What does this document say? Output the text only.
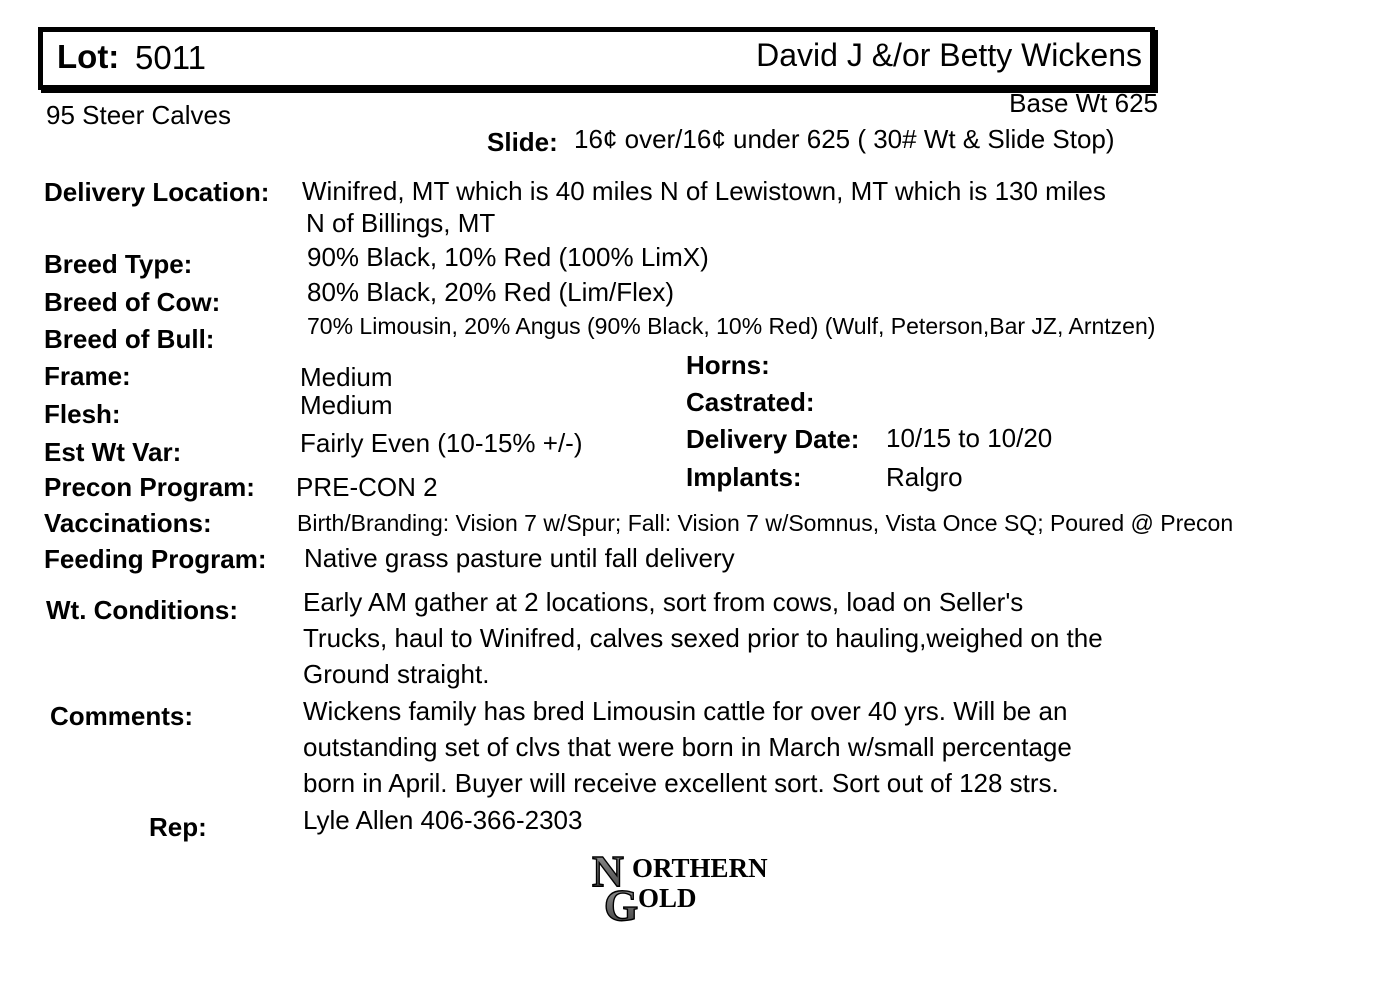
Lot: 5011	David J &/or Betty Wickens
95 Steer Calves	Base Wt 625
Slide: 16¢ over/16¢ under 625 ( 30# Wt & Slide Stop)
Delivery Location: Winifred, MT which is 40 miles N of Lewistown, MT which is 130 miles
N of Billings, MT
Breed Type:	90% Black, 10% Red (100% LimX)
Breed of Cow:	80% Black, 20% Red (Lim/Flex)
Breed of Bull:	70% Limousin, 20% Angus (90% Black, 10% Red) (Wulf, Peterson,Bar JZ, Arntzen)
Frame:	Medium
Flesh:	Medium
Est Wt Var:	Fairly Even (10-15% +/-)
Precon Program: PRE-CON 2
Horns:
Castrated:
Delivery Date: 10/15 to 10/20
Implants:	Ralgro
Vaccinations:	Birth/Branding: Vision 7 w/Spur; Fall: Vision 7 w/Somnus, Vista Once SQ; Poured @ Precon
Feeding Program: Native grass pasture until fall delivery
Wt. Conditions: Early AM gather at 2 locations, sort from cows, load on Seller's
Trucks, haul to Winifred, calves sexed prior to hauling,weighed on the
Ground straight.
Comments:	Wickens family has bred Limousin cattle for over 40 yrs. Will be an
outstanding set of clvs that were born in March w/small percentage
born in April. Buyer will receive excellent sort. Sort out of 128 strs.
Rep:	Lyle Allen 406-366-2303
N
G
ORTHERN
OLD
